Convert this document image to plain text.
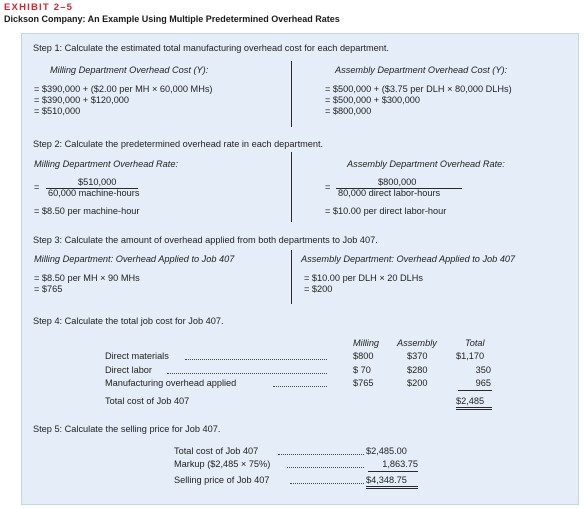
EXHIBIT 2–5
Dickson Company: An Example Using Multiple Predetermined Overhead Rates
Step 1: Calculate the estimated total manufacturing overhead cost for each department.
Milling Department Overhead Cost (Y):
= $390,000 + ($2.00 per MH × 60,000 MHs)
= $390,000 + $120,000
= $510,000
Assembly Department Overhead Cost (Y):
= $500,000 + ($3.75 per DLH × 80,000 DLHs)
= $500,000 + $300,000
= $800,000
Step 2: Calculate the predetermined overhead rate in each department.
Milling Department Overhead Rate:
$510,000
=
60,000 machine-hours
= $8.50 per machine-hour
Assembly Department Overhead Rate:
$800,000
=
80,000 direct labor-hours
= $10.00 per direct labor-hour
Step 3: Calculate the amount of overhead applied from both departments to Job 407.
Milling Department: Overhead Applied to Job 407
= $8.50 per MH × 90 MHs
= $765
Assembly Department: Overhead Applied to Job 407
= $10.00 per DLH × 20 DLHs
= $200
Step 4: Calculate the total job cost for Job 407.
Milling Assembly	Total
Direct materials	$800	$370	$1,170
Direct labor	$ 70	$280	350
Manufacturing overhead applied	$765	$200	965
Total cost of Job 407	$2,485
Step 5: Calculate the selling price for Job 407.
Total cost of Job 407	$2,485.00
Markup ($2,485 × 75%)	1,863.75
Selling price of Job 407	$4,348.75
